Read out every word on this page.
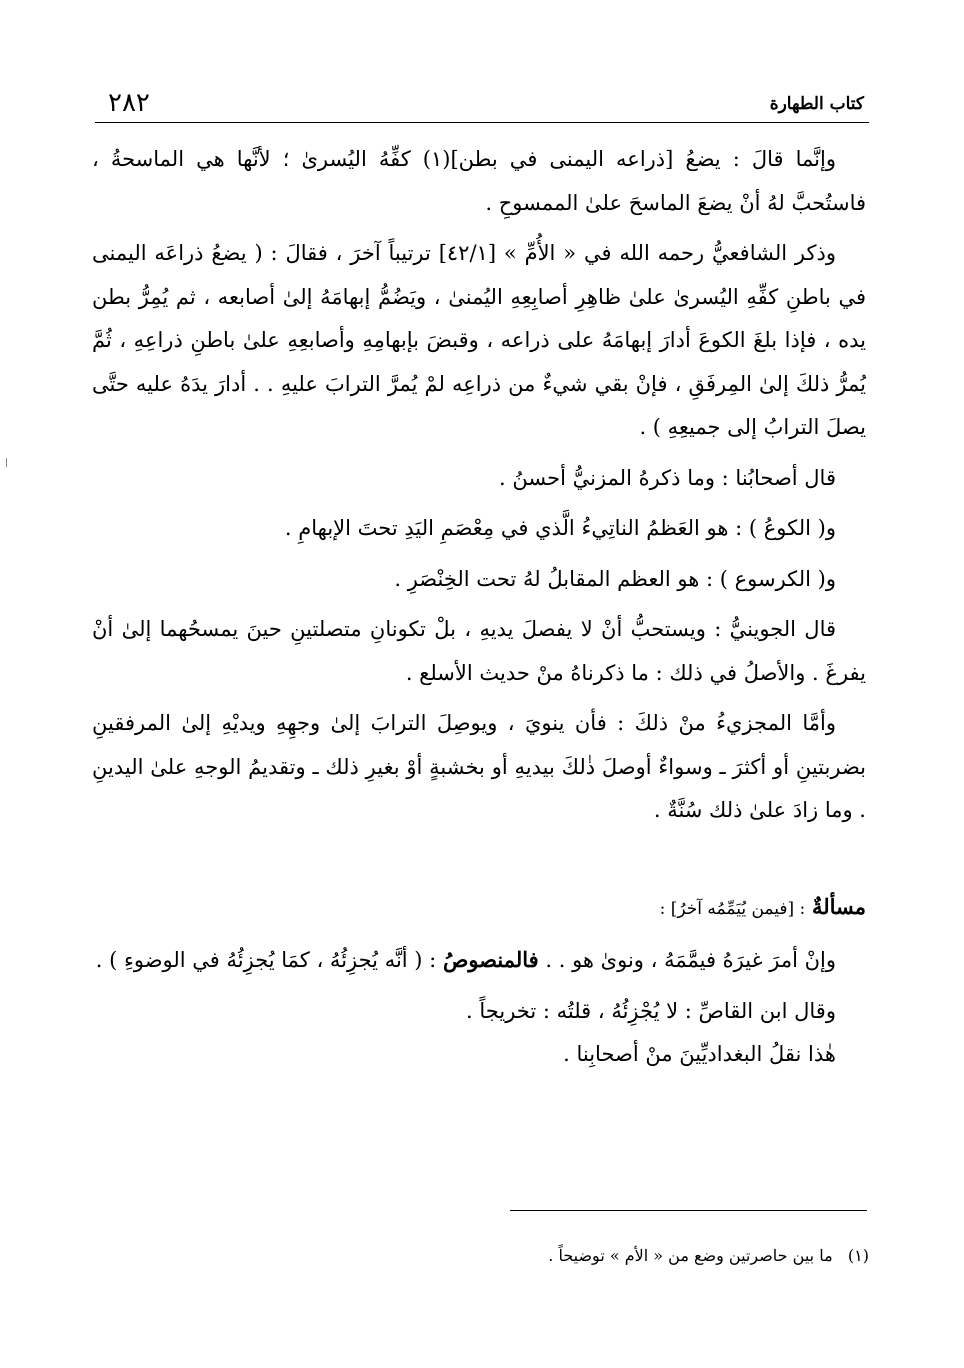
٢٨٢	كتاب الطهارة

وإنَّما قالَ : يضعُ [ذراعه اليمنى في بطن](١) كفِّهُ اليُسرىٰ ؛ لأنَّها هي الماسحةُ ، فاستُحبَّ لهُ أنْ يضعَ الماسحَ علىٰ الممسوحِ .

وذكر الشافعيُّ رحمه الله في « الأُمِّ » [٤٢/١] ترتيباً آخرَ ، فقالَ : ( يضعُ ذراعَه اليمنى في باطنِ كفِّهِ اليُسرىٰ علىٰ ظاهِرِ أصابِعِهِ اليُمنىٰ ، ويَضُمُّ إبهامَهُ إلىٰ أصابعه ، ثم يُمِرُّ بطن يده ، فإذا بلغَ الكوعَ أدارَ إبهامَهُ على ذراعه ، وقبضَ بإبهامِهِ وأصابعِهِ علىٰ باطنِ ذراعِهِ ، ثُمَّ يُمرُّ ذلكَ إلىٰ المِرفَقِ ، فإنْ بقي شيءٌ من ذراعِه لمْ يُمرَّ الترابَ عليهِ . . أدارَ يدَهُ عليه حتَّى يصلَ الترابُ إلى جميعِهِ ) .

قال أصحابُنا : وما ذكرهُ المزنيُّ أحسنُ .

و( الكوعُ ) : هو العَظمُ الناتِيءُ الَّذي في مِعْصَمِ اليَدِ تحتَ الإبهامِ .

و( الكرسوع ) : هو العظم المقابلُ لهُ تحت الخِنْصَرِ .

قال الجوينيُّ : ويستحبُّ أنْ لا يفصلَ يديهِ ، بلْ تكونانِ متصلتينِ حينَ يمسحُهما إلىٰ أنْ يفرغَ . والأصلُ في ذلك : ما ذكرناهُ منْ حديث الأسلع .

وأمَّا المجزيءُ منْ ذلكَ : فأن ينويَ ، ويوصِلَ الترابَ إلىٰ وجهِهِ ويديْهِ إلىٰ المرفقينِ بضربتينِ أو أكثرَ ـ وسواءٌ أوصلَ ذٰلكَ بيديهِ أو بخشبةٍ أوْ بغيرِ ذلك ـ وتقديمُ الوجهِ علىٰ اليدينِ . وما زادَ علىٰ ذلك سُنَّةٌ .

مسألةٌ : [فيمن يُيَمِّمُه آخرُ] :

وإنْ أمرَ غيرَهُ فيمَّمَهُ ، ونوىٰ هو . . فالمنصوصُ : ( أنَّه يُجزِئُهُ ، كمَا يُجزِئُهُ في الوضوءِ ) .

وقال ابن القاصِّ : لا يُجْزِئُهُ ، قلتُه : تخريجاً .

هٰذا نقلُ البغداديِّينَ منْ أصحابِنا .

(١)   ما بين حاصرتين وضع من « الأم » توضيحاً .
